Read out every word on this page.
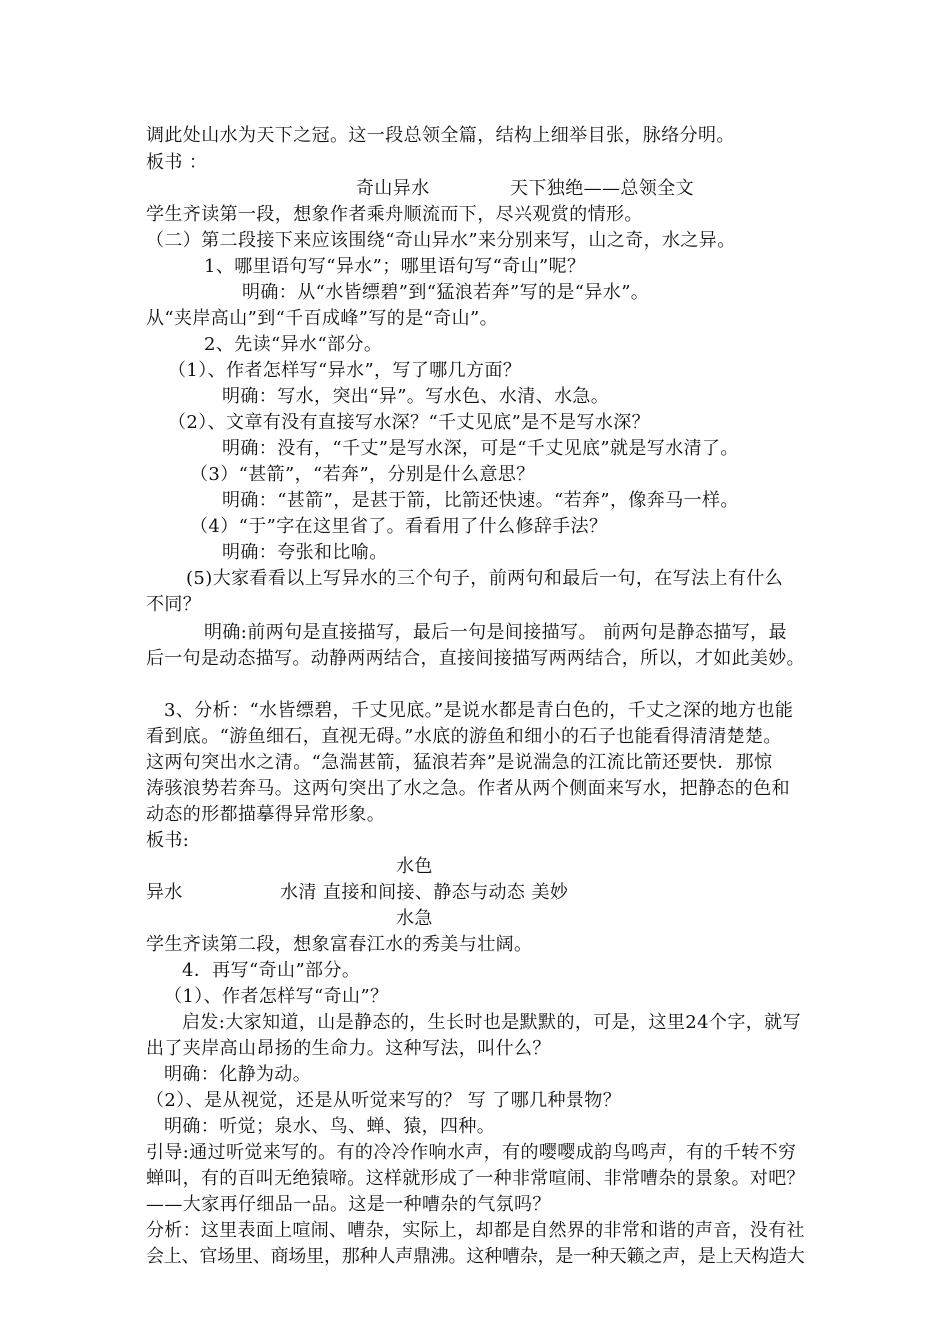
调此处山水为天下之冠。这一段总领全篇，结构上细举目张，脉络分明。
板书 ：
奇山异水	天下独绝——总领全文
学生齐读第一段，想象作者乘舟顺流而下，尽兴观赏的情形。
（二）第二段接下来应该围绕“奇山异水”来分别来写，山之奇，水之异。
1、哪里语句写“异水”；哪里语句写“奇山”呢？
明确：从“水皆缥碧”到“猛浪若奔”写的是“异水”。
从“夹岸高山”到“千百成峰”写的是“奇山”。
2、先读“异水“部分。
（1）、作者怎样写“异水”，写了哪几方面？
明确：写水，突出“异”。写水色、水清、水急。
（2）、文章有没有直接写水深？“千丈见底”是不是写水深？
明确：没有，“千丈”是写水深，可是“千丈见底”就是写水清了。
（3）“甚箭”，“若奔”，分别是什么意思？
明确：“甚箭”，是甚于箭，比箭还快速。“若奔”，像奔马一样。
（4）“于”字在这里省了。看看用了什么修辞手法？
明确：夸张和比喻。
(5)大家看看以上写异水的三个句子，前两句和最后一句，在写法上有什么
不同？
明确:前两句是直接描写，最后一句是间接描写。 前两句是静态描写，最
后一句是动态描写。动静两两结合，直接间接描写两两结合，所以，才如此美妙。
3、分析：“水皆缥碧，千丈见底。”是说水都是青白色的，千丈之深的地方也能
看到底。“游鱼细石，直视无碍。”水底的游鱼和细小的石子也能看得清清楚楚。
这两句突出水之清。“急湍甚箭，猛浪若奔”是说湍急的江流比箭还要快．那惊
涛骇浪势若奔马。这两句突出了水之急。作者从两个侧面来写水，把静态的色和
动态的形都描摹得异常形象。
板书:
水色
异水	水清 直接和间接、静态与动态 美妙
水急
学生齐读第二段，想象富春江水的秀美与壮阔。
4．再写“奇山”部分。
（1）、作者怎样写“奇山”？
启发:大家知道，山是静态的，生长时也是默默的，可是，这里24个字，就写
出了夹岸高山昂扬的生命力。这种写法，叫什么？
明确：化静为动。
（2）、是从视觉，还是从听觉来写的？ 写 了哪几种景物？
明确：听觉；泉水、鸟、蝉、猿，四种。
引导:通过听觉来写的。有的冷冷作响水声，有的嘤嘤成韵鸟鸣声，有的千转不穷
蝉叫，有的百叫无绝猿啼。这样就形成了一种非常喧闹、非常嘈杂的景象。对吧？
——大家再仔细品一品。这是一种嘈杂的气氛吗？
分析：这里表面上喧闹、嘈杂，实际上，却都是自然界的非常和谐的声音，没有社
会上、官场里、商场里，那种人声鼎沸。这种嘈杂，是一种天籁之声，是上天构造大
